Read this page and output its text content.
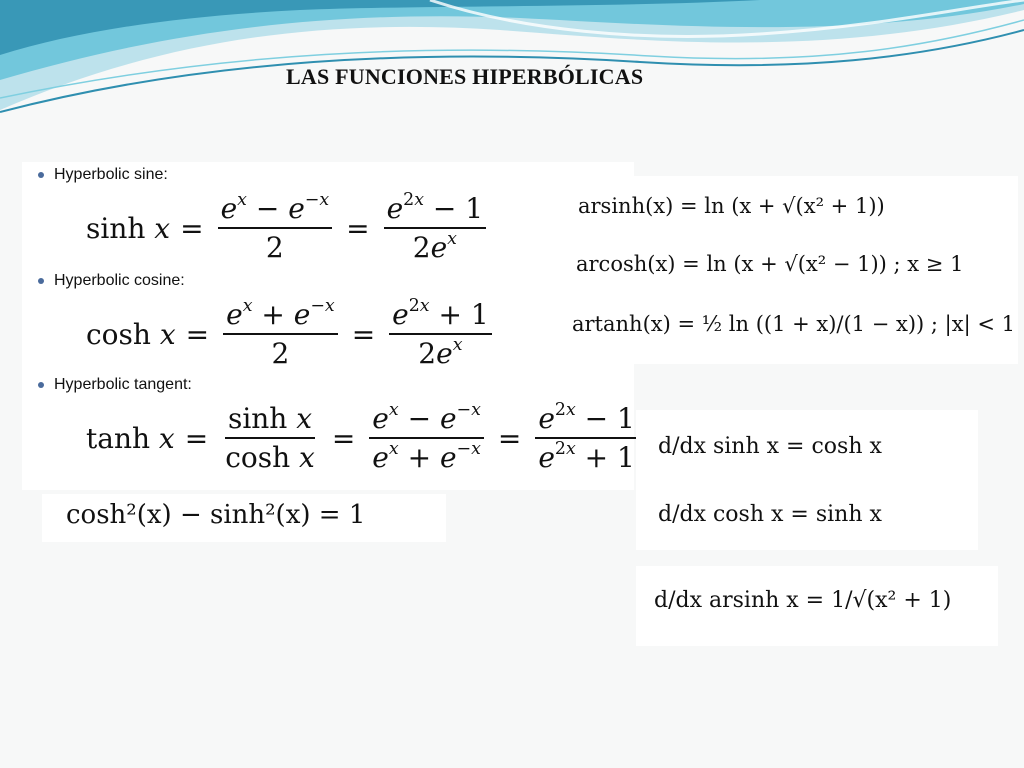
LAS FUNCIONES HIPERBÓLICAS
Hyperbolic sine:
sinh
$x = \frac{e^x - e^{-x}}{2} = \frac{e^{2x} - 1}{2e^x}$
Hyperbolic cosine:
cosh
$x = \frac{e^x + e^{-x}}{2} = \frac{e^{2x} + 1}{2e^x}$
Hyperbolic tangent:
tanh
$x = \frac{\text{sinh x}}{\text{cosh x}} = \frac{e^x - e^{-x}}{e^x + e^{-x}} = \frac{e^{2x} - 1}{e^{2x} + 1}$
cosh²(x) − sinh²(x) = 1
arsinh(x) = ln (x + √(x² + 1))
arcosh(x) = ln (x + √(x² − 1)) ; x ≥ 1
artanh(x) = ½ ln ((1 + x)/(1 − x)) ; |x| < 1
d/dx sinh x = cosh x
d/dx cosh x = sinh x
d/dx arsinh x = 1/√(x² + 1)
